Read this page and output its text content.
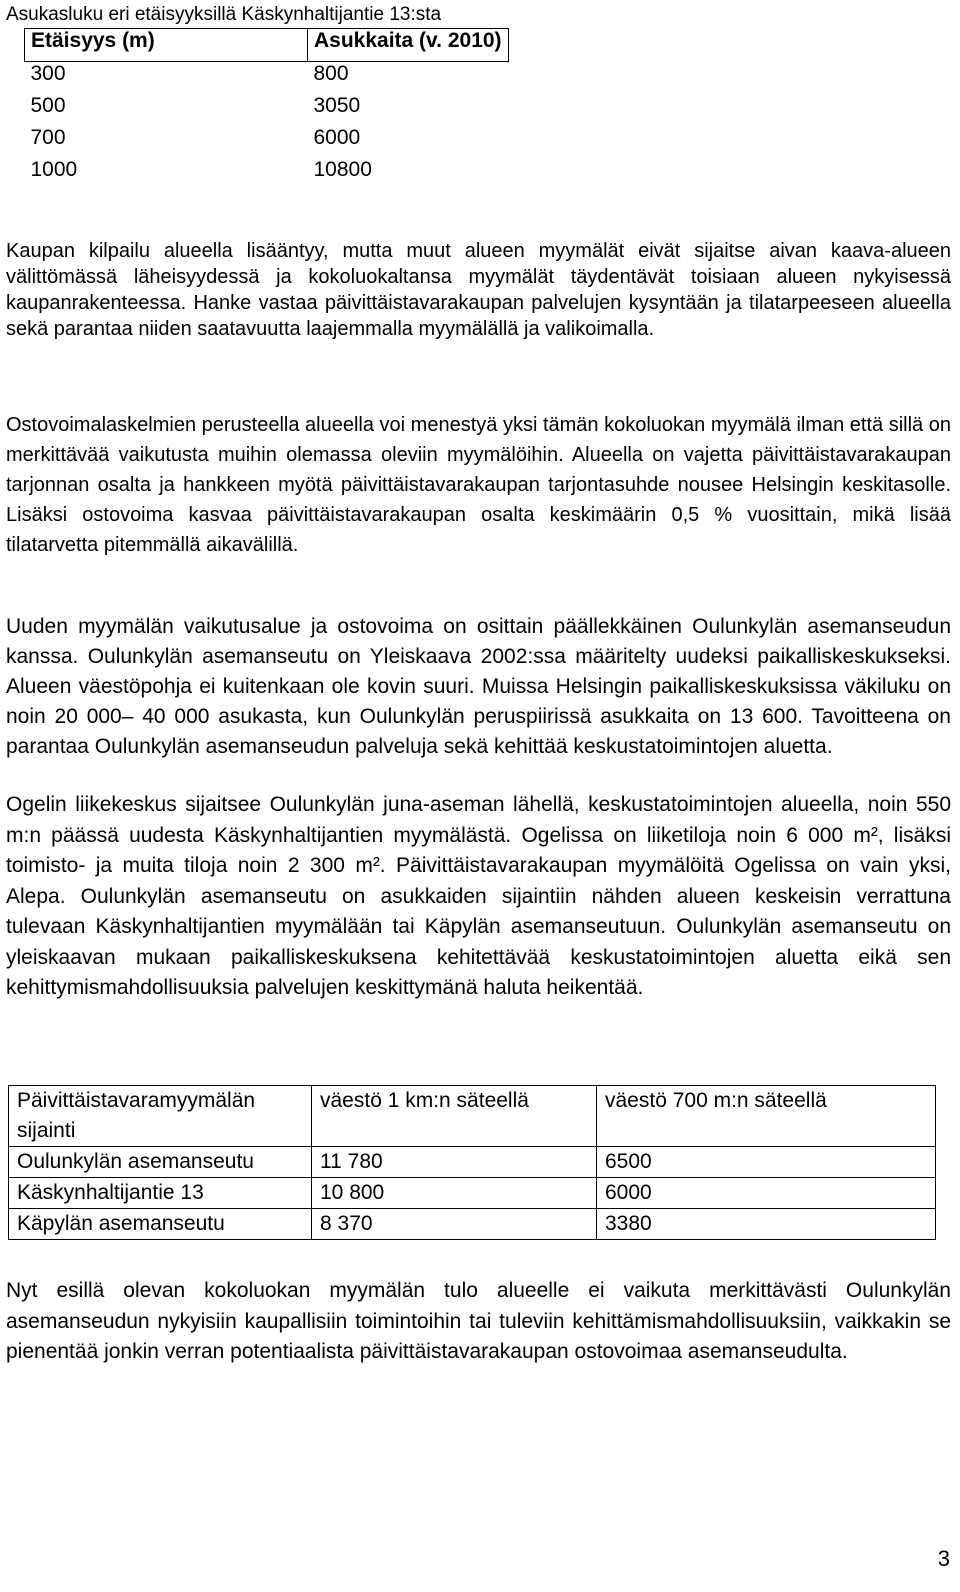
Asukasluku eri etäisyyksillä Käskynhaltijantie 13:sta
Etäisyys (m)	Asukkaita (v. 2010)
300	800
500	3050
700	6000
1000	10800

Kaupan kilpailu alueella lisääntyy, mutta muut alueen myymälät eivät sijaitse aivan kaava-alueen välittömässä läheisyydessä ja kokoluokaltansa myymälät täydentävät toisiaan alueen nykyisessä kaupanrakenteessa. Hanke vastaa päivittäistavarakaupan palvelujen kysyntään ja tilatarpeeseen alueella sekä parantaa niiden saatavuutta laajemmalla myymälällä ja valikoimalla.

Ostovoimalaskelmien perusteella alueella voi menestyä yksi tämän kokoluokan myymälä ilman että sillä on merkittävää vaikutusta muihin olemassa oleviin myymälöihin. Alueella on vajetta päivittäistavarakaupan tarjonnan osalta ja hankkeen myötä päivittäistavarakaupan tarjontasuhde nousee Helsingin keskitasolle. Lisäksi ostovoima kasvaa päivittäistavarakaupan osalta keskimäärin 0,5 % vuosittain, mikä lisää tilatarvetta pitemmällä aikavälillä.

Uuden myymälän vaikutusalue ja ostovoima on osittain päällekkäinen Oulunkylän asemanseudun kanssa. Oulunkylän asemanseutu on Yleiskaava 2002:ssa määritelty uudeksi paikalliskeskukseksi. Alueen väestöpohja ei kuitenkaan ole kovin suuri. Muissa Helsingin paikalliskeskuksissa väkiluku on noin 20 000– 40 000 asukasta, kun Oulunkylän peruspiirissä asukkaita on 13 600. Tavoitteena on parantaa Oulunkylän asemanseudun palveluja sekä kehittää keskustatoimintojen aluetta.

Ogelin liikekeskus sijaitsee Oulunkylän juna-aseman lähellä, keskustatoimintojen alueella, noin 550 m:n päässä uudesta Käskynhaltijantien myymälästä. Ogelissa on liiketiloja noin 6 000 m², lisäksi toimisto- ja muita tiloja noin 2 300 m². Päivittäistavarakaupan myymälöitä Ogelissa on vain yksi, Alepa. Oulunkylän asemanseutu on asukkaiden sijaintiin nähden alueen keskeisin verrattuna tulevaan Käskynhaltijantien myymälään tai Käpylän asemanseutuun. Oulunkylän asemanseutu on yleiskaavan mukaan paikalliskeskuksena kehitettävää keskustatoimintojen aluetta eikä sen kehittymismahdollisuuksia palvelujen keskittymänä haluta heikentää.

Päivittäistavaramyymälän sijainti	väestö 1 km:n säteellä	väestö 700 m:n säteellä
Oulunkylän asemanseutu	11 780	6500
Käskynhaltijantie 13	10 800	6000
Käpylän asemanseutu	8 370	3380

Nyt esillä olevan kokoluokan myymälän tulo alueelle ei vaikuta merkittävästi Oulunkylän asemanseudun nykyisiin kaupallisiin toimintoihin tai tuleviin kehittämismahdollisuuksiin, vaikkakin se pienentää jonkin verran potentiaalista päivittäistavarakaupan ostovoimaa asemanseudulta.

3
